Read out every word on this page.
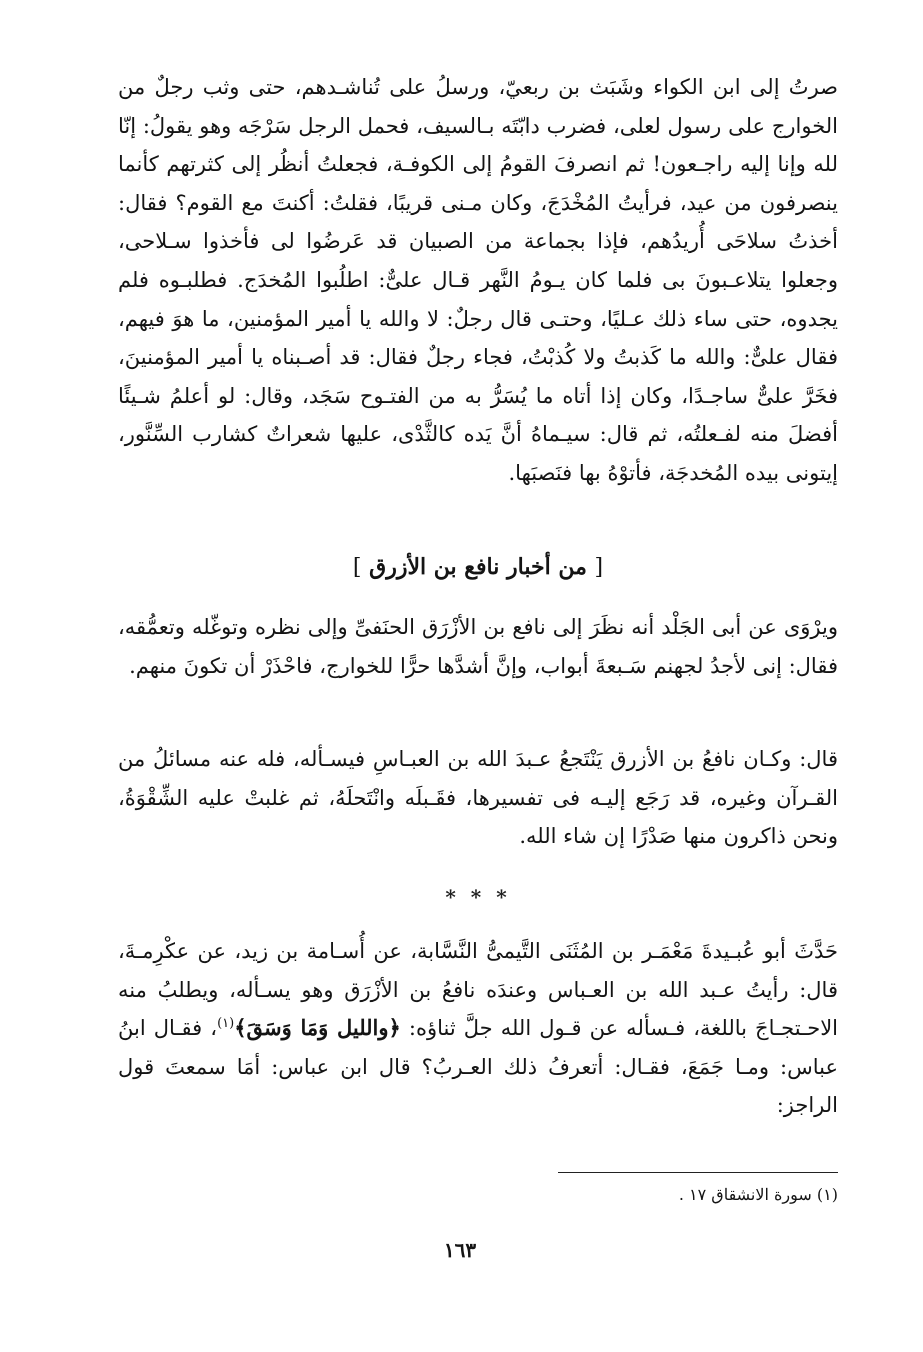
صرتُ إلى ابن الكواء وشَبَث بن ربعيّ، ورسلُ على تُناشـدهم، حتى وثب رجلٌ من الخوارج على رسول لعلى، فضرب دابّتَه بـالسيف، فحمل الرجل سَرْجَه وهو يقولُ: إنّا لله وإنا إليه راجـعون! ثم انصرفَ القومُ إلى الكوفـة، فجعلتُ أنظُر إلى كثرتهم كأنما ينصرفون من عيد، فرأيتُ المُخْدَجَ، وكان مـنى قريبًا، فقلتُ: أكنتَ مع القوم؟ فقال: أخذتُ سلاحَى أُريدُهم، فإذا بجماعة من الصبيان قد عَرضُوا لى فأخذوا سـلاحى، وجعلوا يتلاعـبونَ بى فلما كان يـومُ النَّهر قـال علىٌّ: اطلُبوا المُخدَج. فطلبـوه فلم يجدوه، حتى ساء ذلك عـليًا، وحتـى قال رجلٌ: لا والله يا أمير المؤمنين، ما هوَ فيهم، فقال علىٌّ: والله ما كَذبتُ ولا كُذبْتُ، فجاء رجلٌ فقال: قد أصـبناه يا أمير المؤمنينَ، فخَرَّ علىٌّ ساجـدًا، وكان إذا أتاه ما يُسَرُّ به من الفتـوح سَجَد، وقال: لو أعلمُ شـيئًا أفضلَ منه لفـعلتُه، ثم قال: سيـماهُ أنَّ يَده كالثَّدْى، عليها شعراتٌ كشارب السِّنَّور، إيتونى بيده المُخدجَة، فأتوْهُ بها فنَصبَها.

[ من أخبار نافع بن الأزرق ]

ويرْوَى عن أبى الجَلْد أنه نظَرَ إلى نافع بن الأزْرَق الحنَفىِّ وإلى نظره وتوغّله وتعمُّقه، فقال: إنى لأجدُ لجهنم سَـبعةَ أبواب، وإنَّ أشدَّها حرًّا للخوارج، فاحْذَرْ أن تكونَ منهم.

قال: وكـان نافعُ بن الأزرق يَنْتَجعُ عـبدَ الله بن العبـاسِ فيسـأله، فله عنه مسائلُ من القـرآن وغيره، قد رَجَع إليـه فى تفسيرها، فقَـبلَه وانْتَحلَهُ، ثم غلبتْ عليه الشِّقْوَةُ، ونحن ذاكرون منها صَدْرًا إن شاء الله.

* * *

حَدَّثَ أبو عُبـيدةَ مَعْمَـر بن المُثَنَى التَّيمىُّ النَّسَّابة، عن أُسـامة بن زيد، عن عكْرِمـةَ، قال: رأيتُ عـبد الله بن العـباس وعندَه نافعُ بن الأزْرَق وهو يسـأله، ويطلبُ منه الاحـتجـاجَ باللغة، فـسأله عن قـول الله جلَّ ثناؤه: ﴿والليل وَمَا وَسَقَ﴾$^{(١)}$، فقـال ابنُ عباس: ومـا جَمَعَ، فقـال: أتعرفُ ذلك العـربُ؟ قال ابن عباس: أمَا سمعتَ قول الراجز:

(١) سورة الانشقاق ١٧ .

١٦٣
